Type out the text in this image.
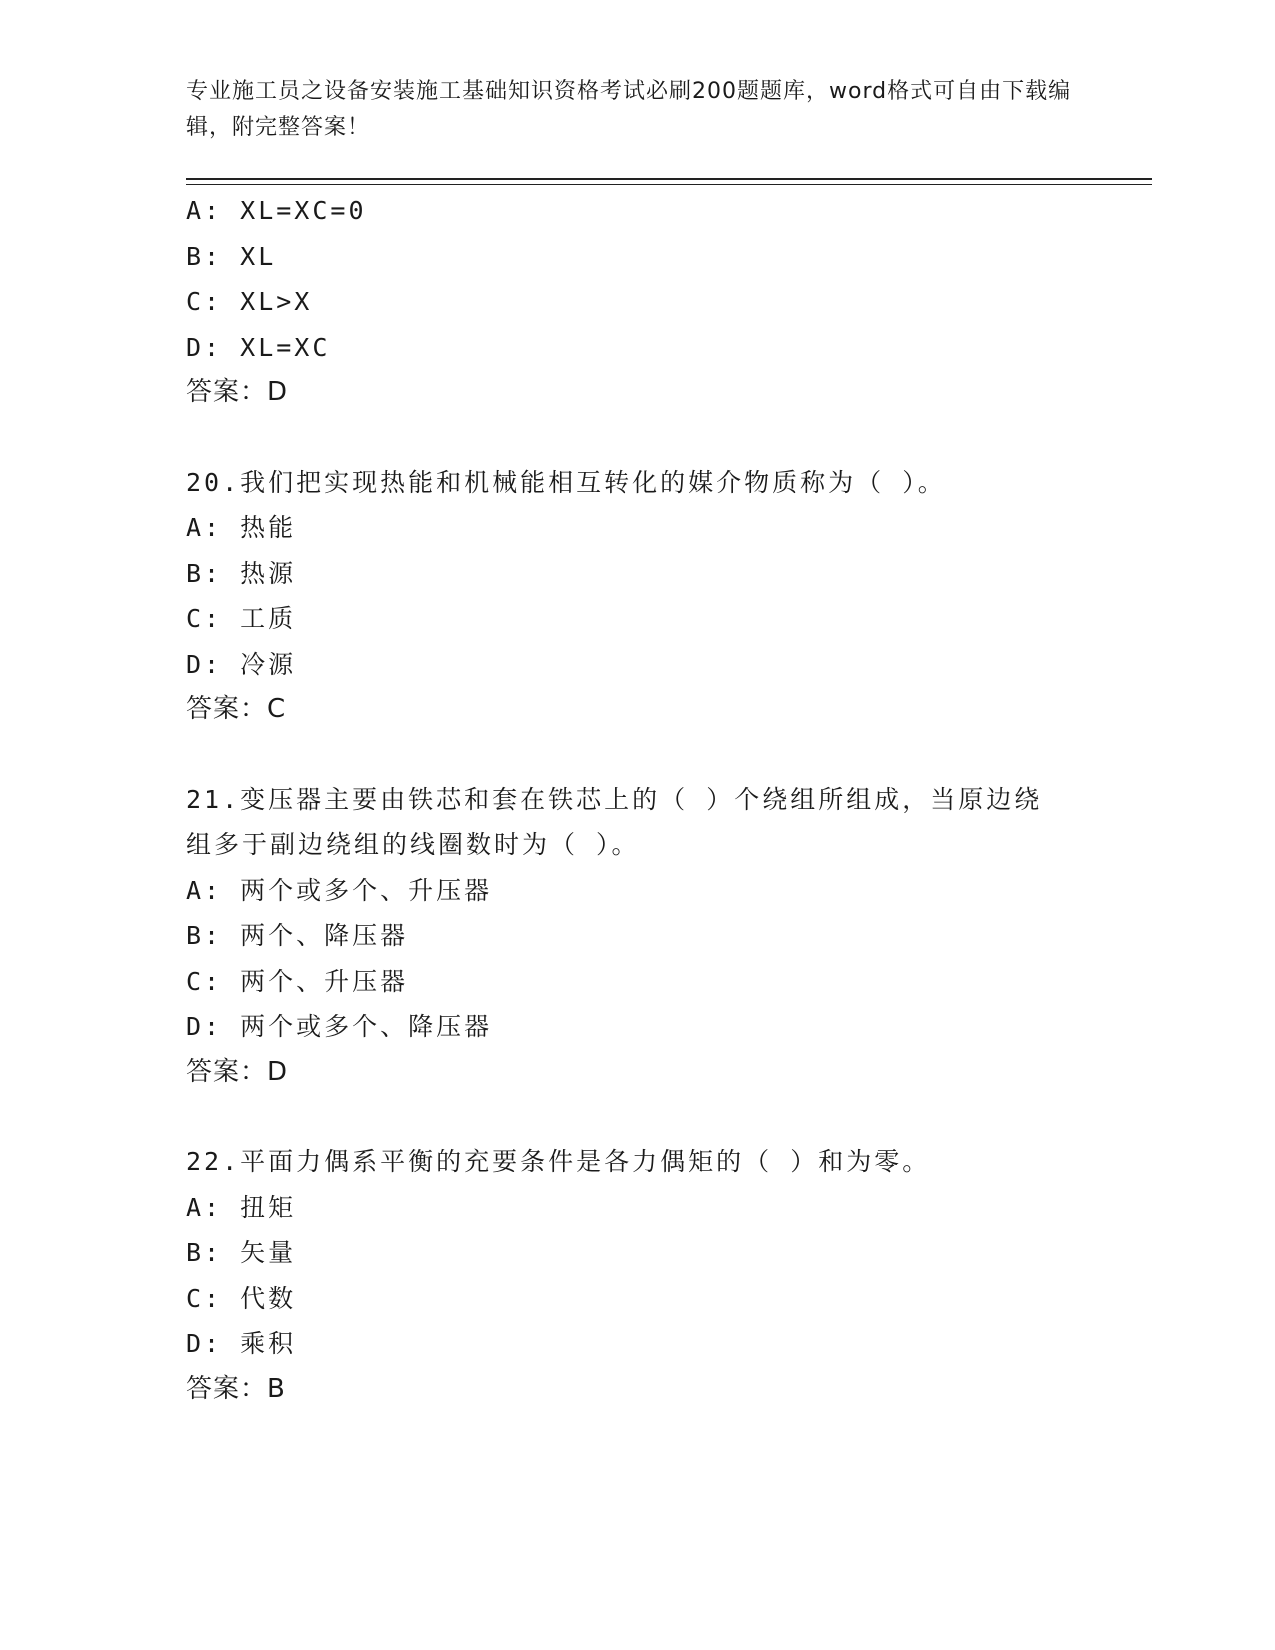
专业施工员之设备安装施工基础知识资格考试必刷200题题库，word格式可自由下载编辑，附完整答案！
A: XL=XC=0
B: XL
C: XL>X
D: XL=XC
答案：D
20.我们把实现热能和机械能相互转化的媒介物质称为（ ）。
A: 热能
B: 热源
C: 工质
D: 冷源
答案：C
21.变压器主要由铁芯和套在铁芯上的（ ）个绕组所组成，当原边绕组多于副边绕组的线圈数时为（ ）。
A: 两个或多个、升压器
B: 两个、降压器
C: 两个、升压器
D: 两个或多个、降压器
答案：D
22.平面力偶系平衡的充要条件是各力偶矩的（ ）和为零。
A: 扭矩
B: 矢量
C: 代数
D: 乘积
答案：B
